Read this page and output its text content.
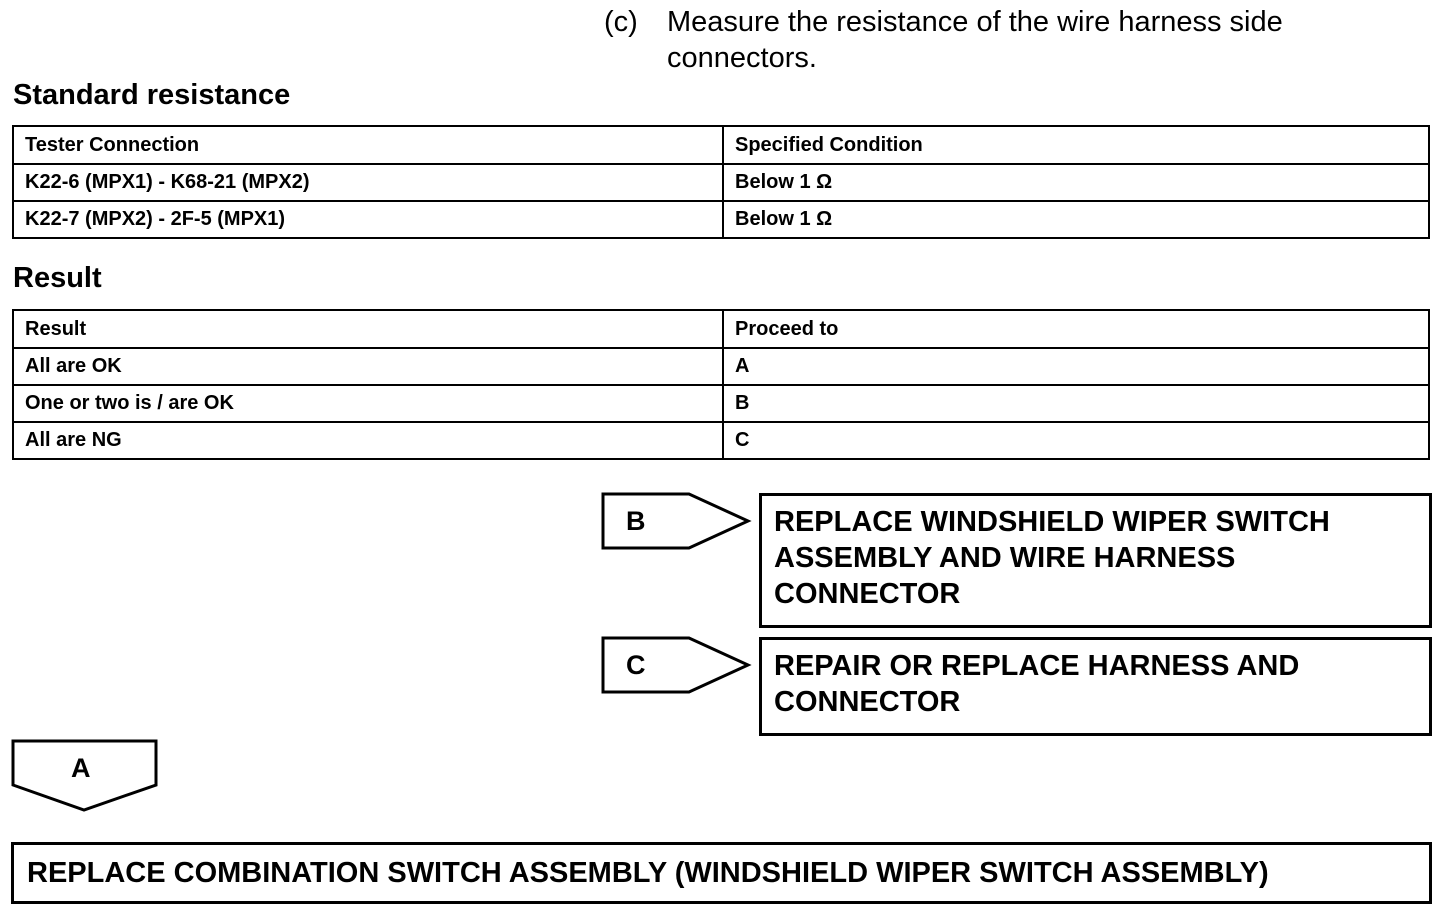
(c) Measure the resistance of the wire harness side connectors.
Standard resistance
Tester Connection	Specified Condition
K22-6 (MPX1) - K68-21 (MPX2)	Below 1 Ω
K22-7 (MPX2) - 2F-5 (MPX1)	Below 1 Ω
Result
Result	Proceed to
All are OK	A
One or two is / are OK	B
All are NG	C
B	REPLACE WINDSHIELD WIPER SWITCH ASSEMBLY AND WIRE HARNESS CONNECTOR
C	REPAIR OR REPLACE HARNESS AND CONNECTOR
A
REPLACE COMBINATION SWITCH ASSEMBLY (WINDSHIELD WIPER SWITCH ASSEMBLY)
